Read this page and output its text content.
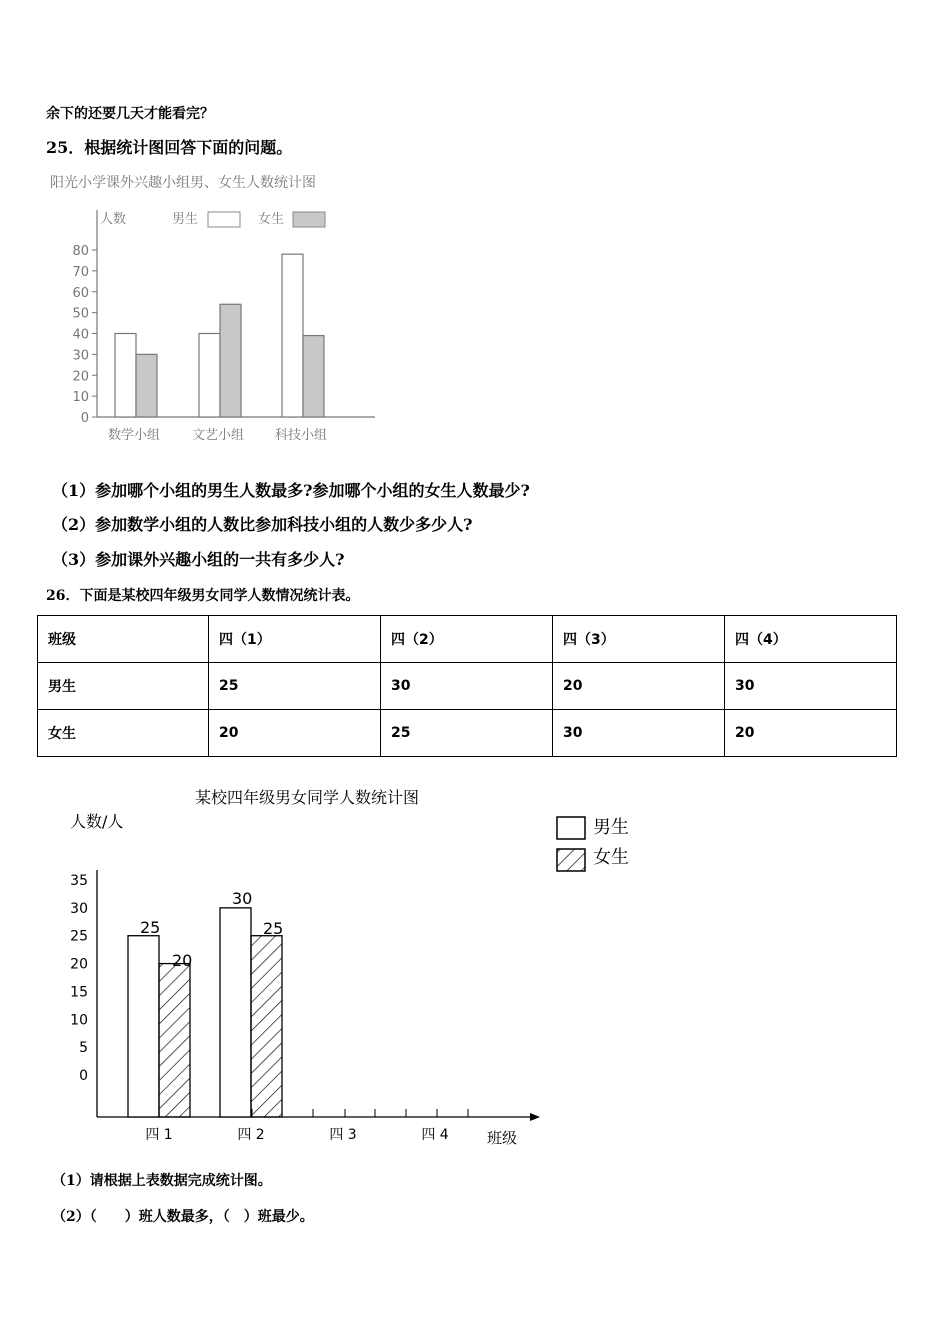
余下的还要几天才能看完？
25．根据统计图回答下面的问题。
阳光小学课外兴趣小组男、女生人数统计图
人数	男生	女生
0
10
20
30
40
50
60
70
80
数学小组 文艺小组 科技小组
（1）参加哪个小组的男生人数最多?参加哪个小组的女生人数最少?
（2）参加数学小组的人数比参加科技小组的人数少多少人?
（3）参加课外兴趣小组的一共有多少人?
26．下面是某校四年级男女同学人数情况统计表。
班级	四（1）	四（2）	四（3）	四（4）
男生	25	30	20	30
女生	20	25	30	20
某校四年级男女同学人数统计图
人数/人	男生
女生
班级
35
30
25
20
15
10
5
0
四 1	四 2	四 3	四 4
25
20
30
25
（1）请根据上表数据完成统计图。
（2）（　　）班人数最多，（　）班最少。
